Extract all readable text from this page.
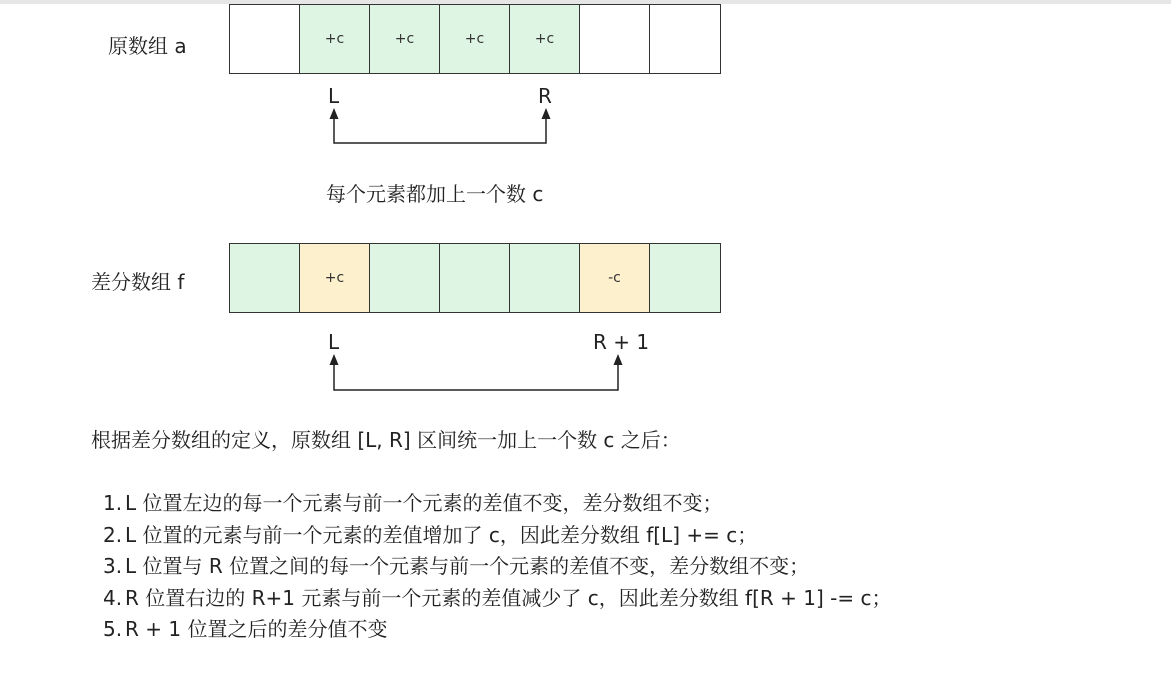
原数组 a	+c	+c	+c	+c
L	R
每个元素都加上一个数 c
差分数组 f	+c	-c
L	R + 1
根据差分数组的定义，原数组 [L, R] 区间统一加上一个数 c 之后：
1. L 位置左边的每一个元素与前一个元素的差值不变，差分数组不变；
2. L 位置的元素与前一个元素的差值增加了 c，因此差分数组 f[L] += c；
3. L 位置与 R 位置之间的每一个元素与前一个元素的差值不变，差分数组不变；
4. R 位置右边的 R+1 元素与前一个元素的差值减少了 c，因此差分数组 f[R + 1] -= c；
5. R + 1 位置之后的差分值不变
